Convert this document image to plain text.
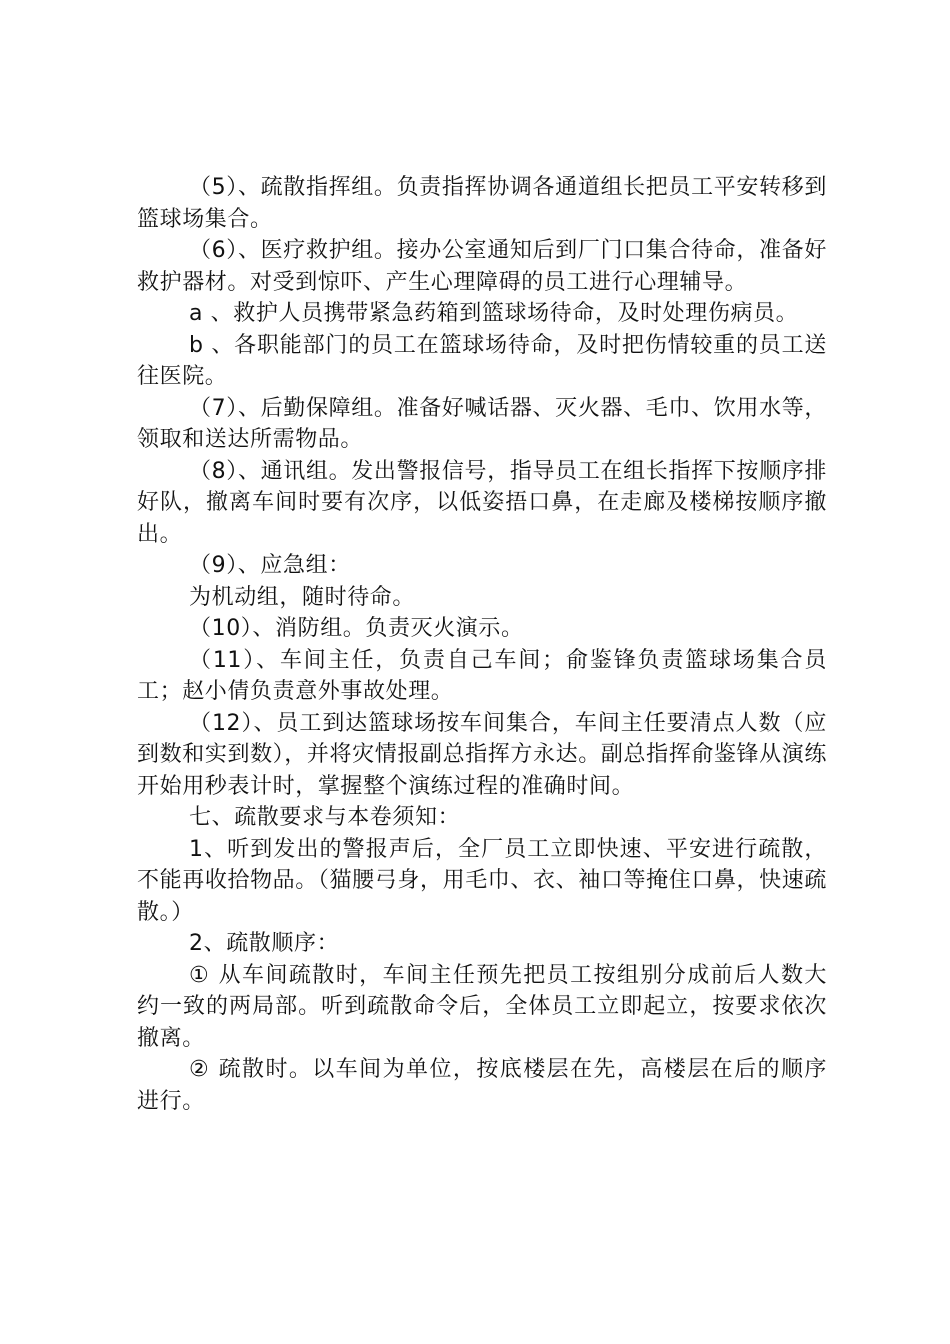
（5）、疏散指挥组。负责指挥协调各通道组长把员工平安转移到篮球场集合。

（6）、医疗救护组。接办公室通知后到厂门口集合待命，准备好救护器材。对受到惊吓、产生心理障碍的员工进行心理辅导。

a 、救护人员携带紧急药箱到篮球场待命，及时处理伤病员。

b 、各职能部门的员工在篮球场待命，及时把伤情较重的员工送往医院。

（7）、后勤保障组。准备好喊话器、灭火器、毛巾、饮用水等，领取和送达所需物品。

（8）、通讯组。发出警报信号，指导员工在组长指挥下按顺序排好队，撤离车间时要有次序，以低姿捂口鼻，在走廊及楼梯按顺序撤出。

（9）、应急组：

为机动组，随时待命。

（10）、消防组。负责灭火演示。

（11）、车间主任，负责自己车间；俞鉴锋负责篮球场集合员工；赵小倩负责意外事故处理。

（12）、员工到达篮球场按车间集合，车间主任要清点人数（应到数和实到数），并将灾情报副总指挥方永达。副总指挥俞鉴锋从演练开始用秒表计时，掌握整个演练过程的准确时间。

七、疏散要求与本卷须知：

1、听到发出的警报声后，全厂员工立即快速、平安进行疏散，不能再收拾物品。（猫腰弓身，用毛巾、衣、袖口等掩住口鼻，快速疏散。）

2、疏散顺序：

① 从车间疏散时，车间主任预先把员工按组别分成前后人数大约一致的两局部。听到疏散命令后，全体员工立即起立，按要求依次撤离。

② 疏散时。以车间为单位，按底楼层在先，高楼层在后的顺序进行。
